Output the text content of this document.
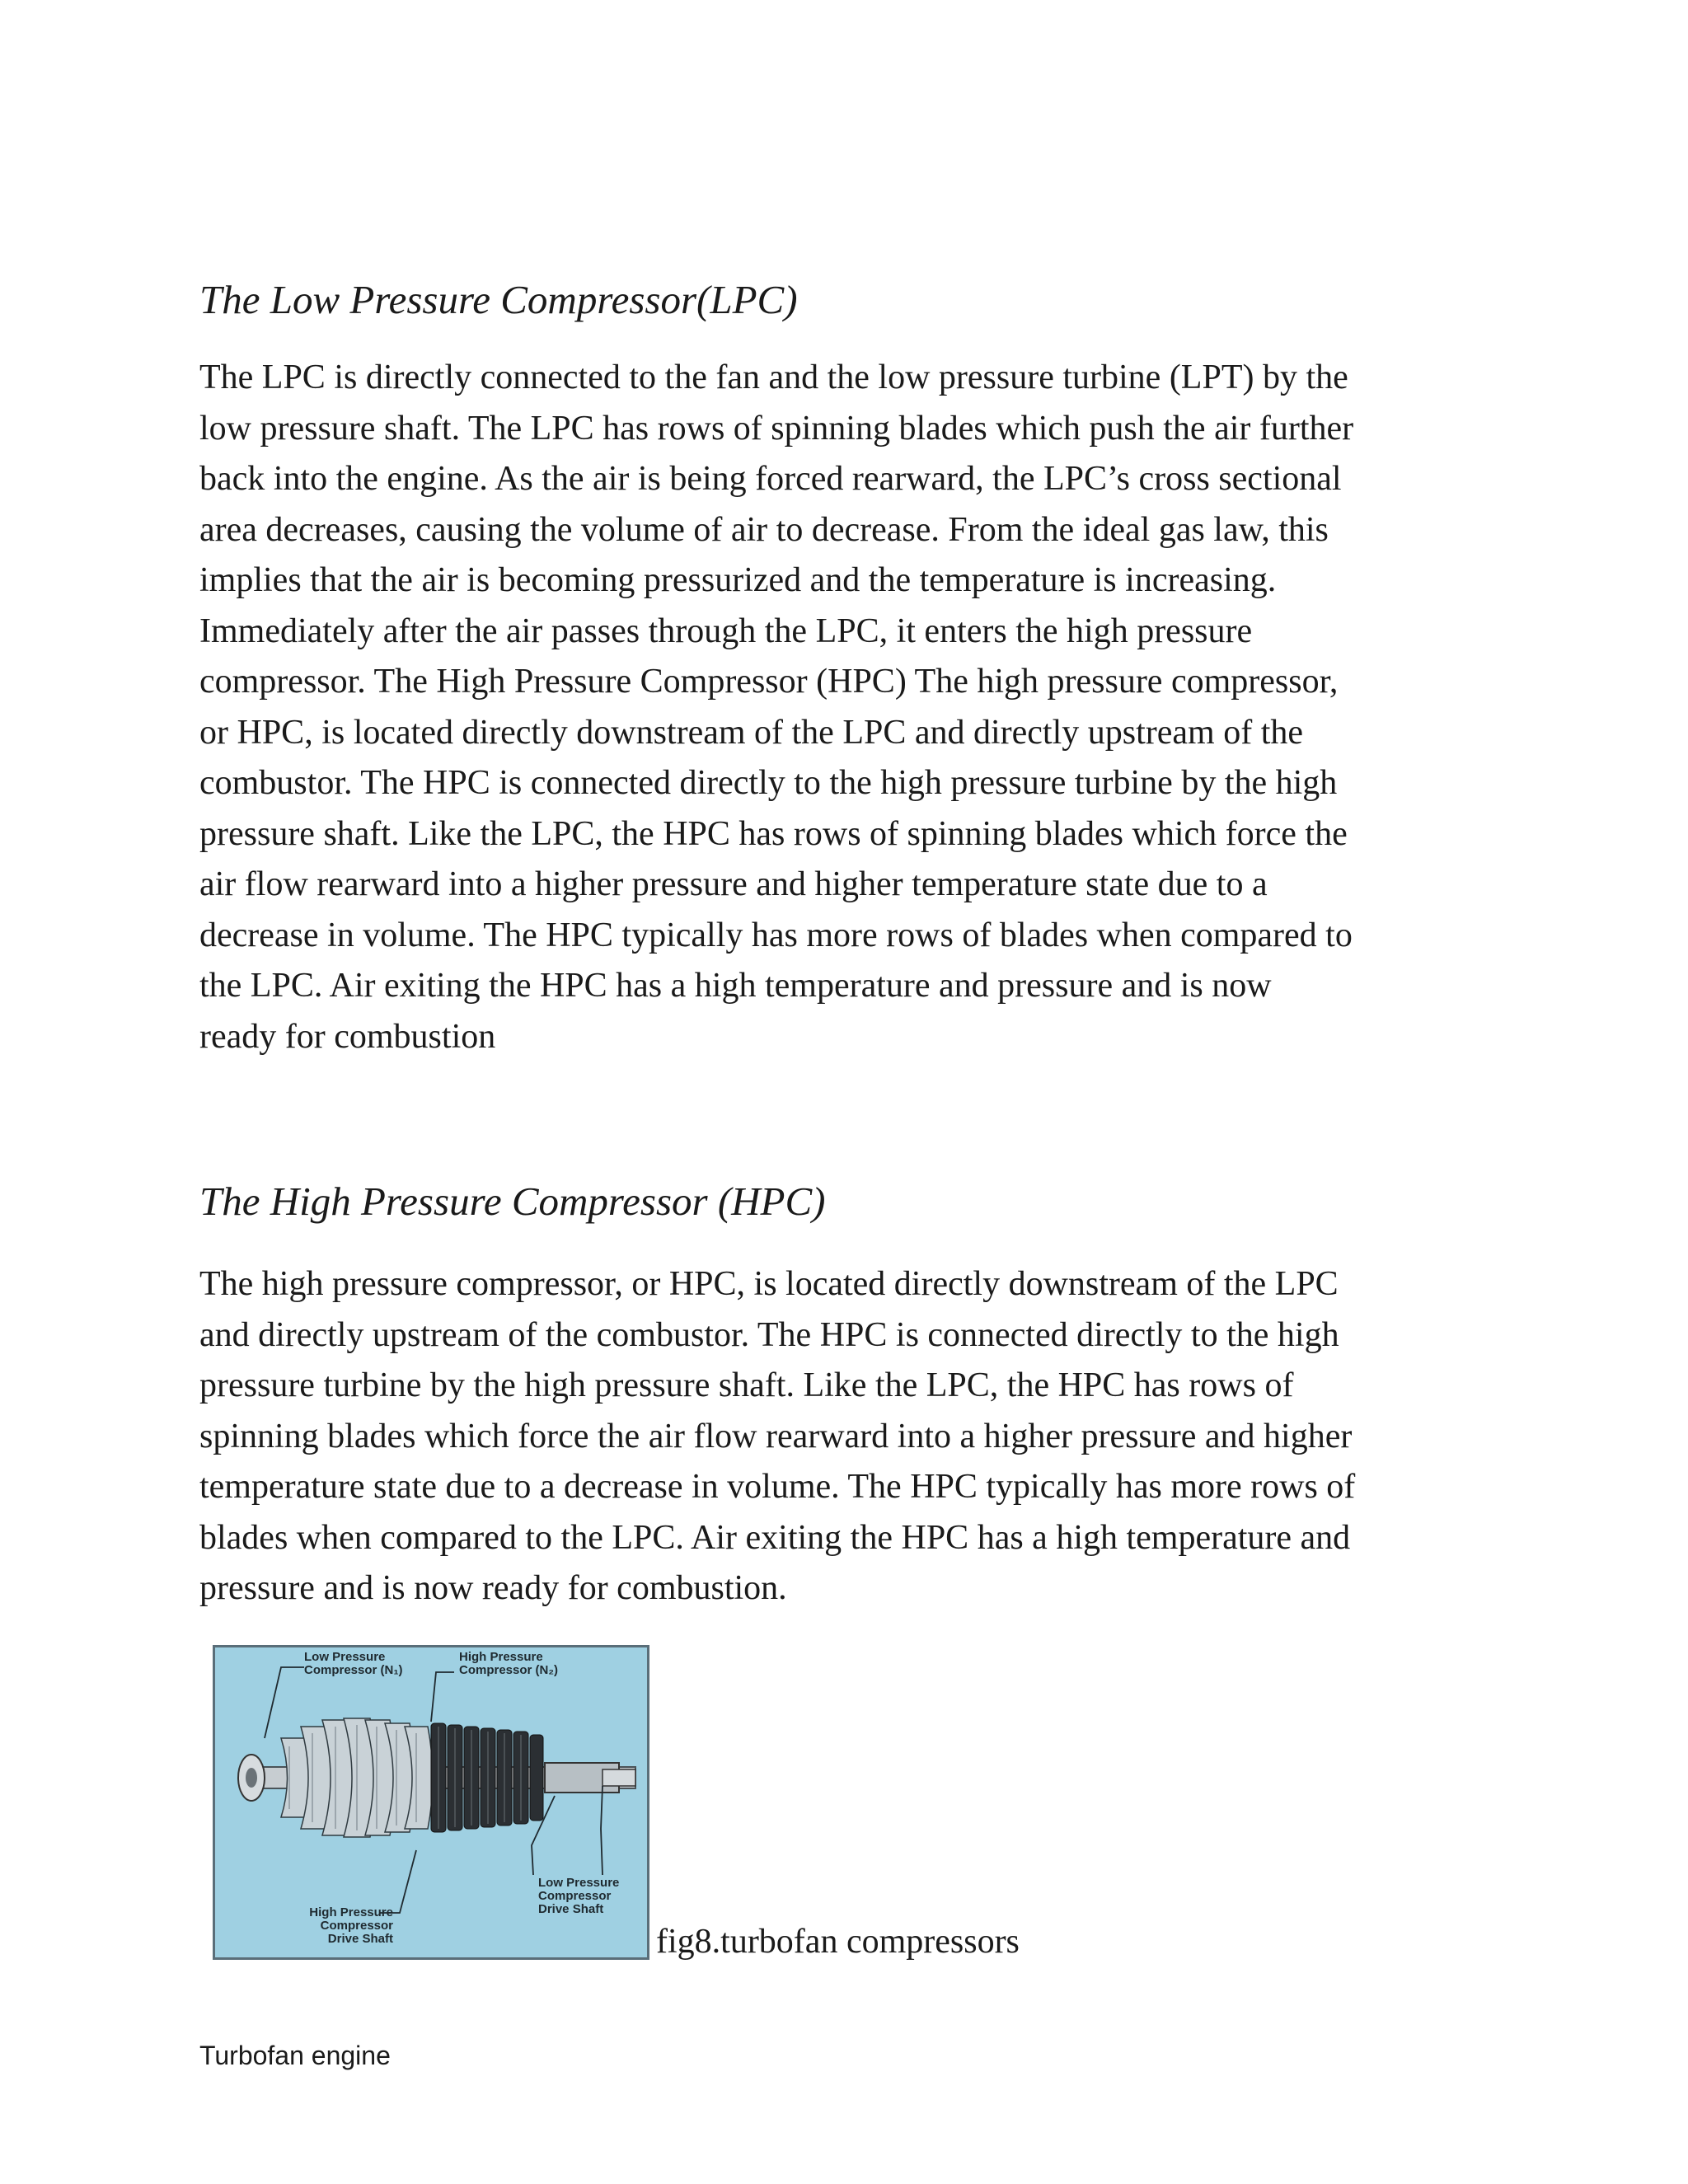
The Low Pressure Compressor(LPC)
The LPC is directly connected to the fan and the low pressure turbine (LPT) by the
low pressure shaft. The LPC has rows of spinning blades which push the air further
back into the engine. As the air is being forced rearward, the LPC’s cross sectional
area decreases, causing the volume of air to decrease. From the ideal gas law, this
implies that the air is becoming pressurized and the temperature is increasing.
Immediately after the air passes through the LPC, it enters the high pressure
compressor. The High Pressure Compressor (HPC) The high pressure compressor,
or HPC, is located directly downstream of the LPC and directly upstream of the
combustor. The HPC is connected directly to the high pressure turbine by the high
pressure shaft. Like the LPC, the HPC has rows of spinning blades which force the
air flow rearward into a higher pressure and higher temperature state due to a
decrease in volume. The HPC typically has more rows of blades when compared to
the LPC. Air exiting the HPC has a high temperature and pressure and is now
ready for combustion
The High Pressure Compressor (HPC)
The high pressure compressor, or HPC, is located directly downstream of the LPC
and directly upstream of the combustor. The HPC is connected directly to the high
pressure turbine by the high pressure shaft. Like the LPC, the HPC has rows of
spinning blades which force the air flow rearward into a higher pressure and higher
temperature state due to a decrease in volume. The HPC typically has more rows of
blades when compared to the LPC. Air exiting the HPC has a high temperature and
pressure and is now ready for combustion.
Low Pressure
Compressor (N₁)
High Pressure
Compressor (N₂)
High Pressure
Compressor
Drive Shaft
Low Pressure
Compressor
Drive Shaft
fig8.turbofan compressors
Turbofan engine
